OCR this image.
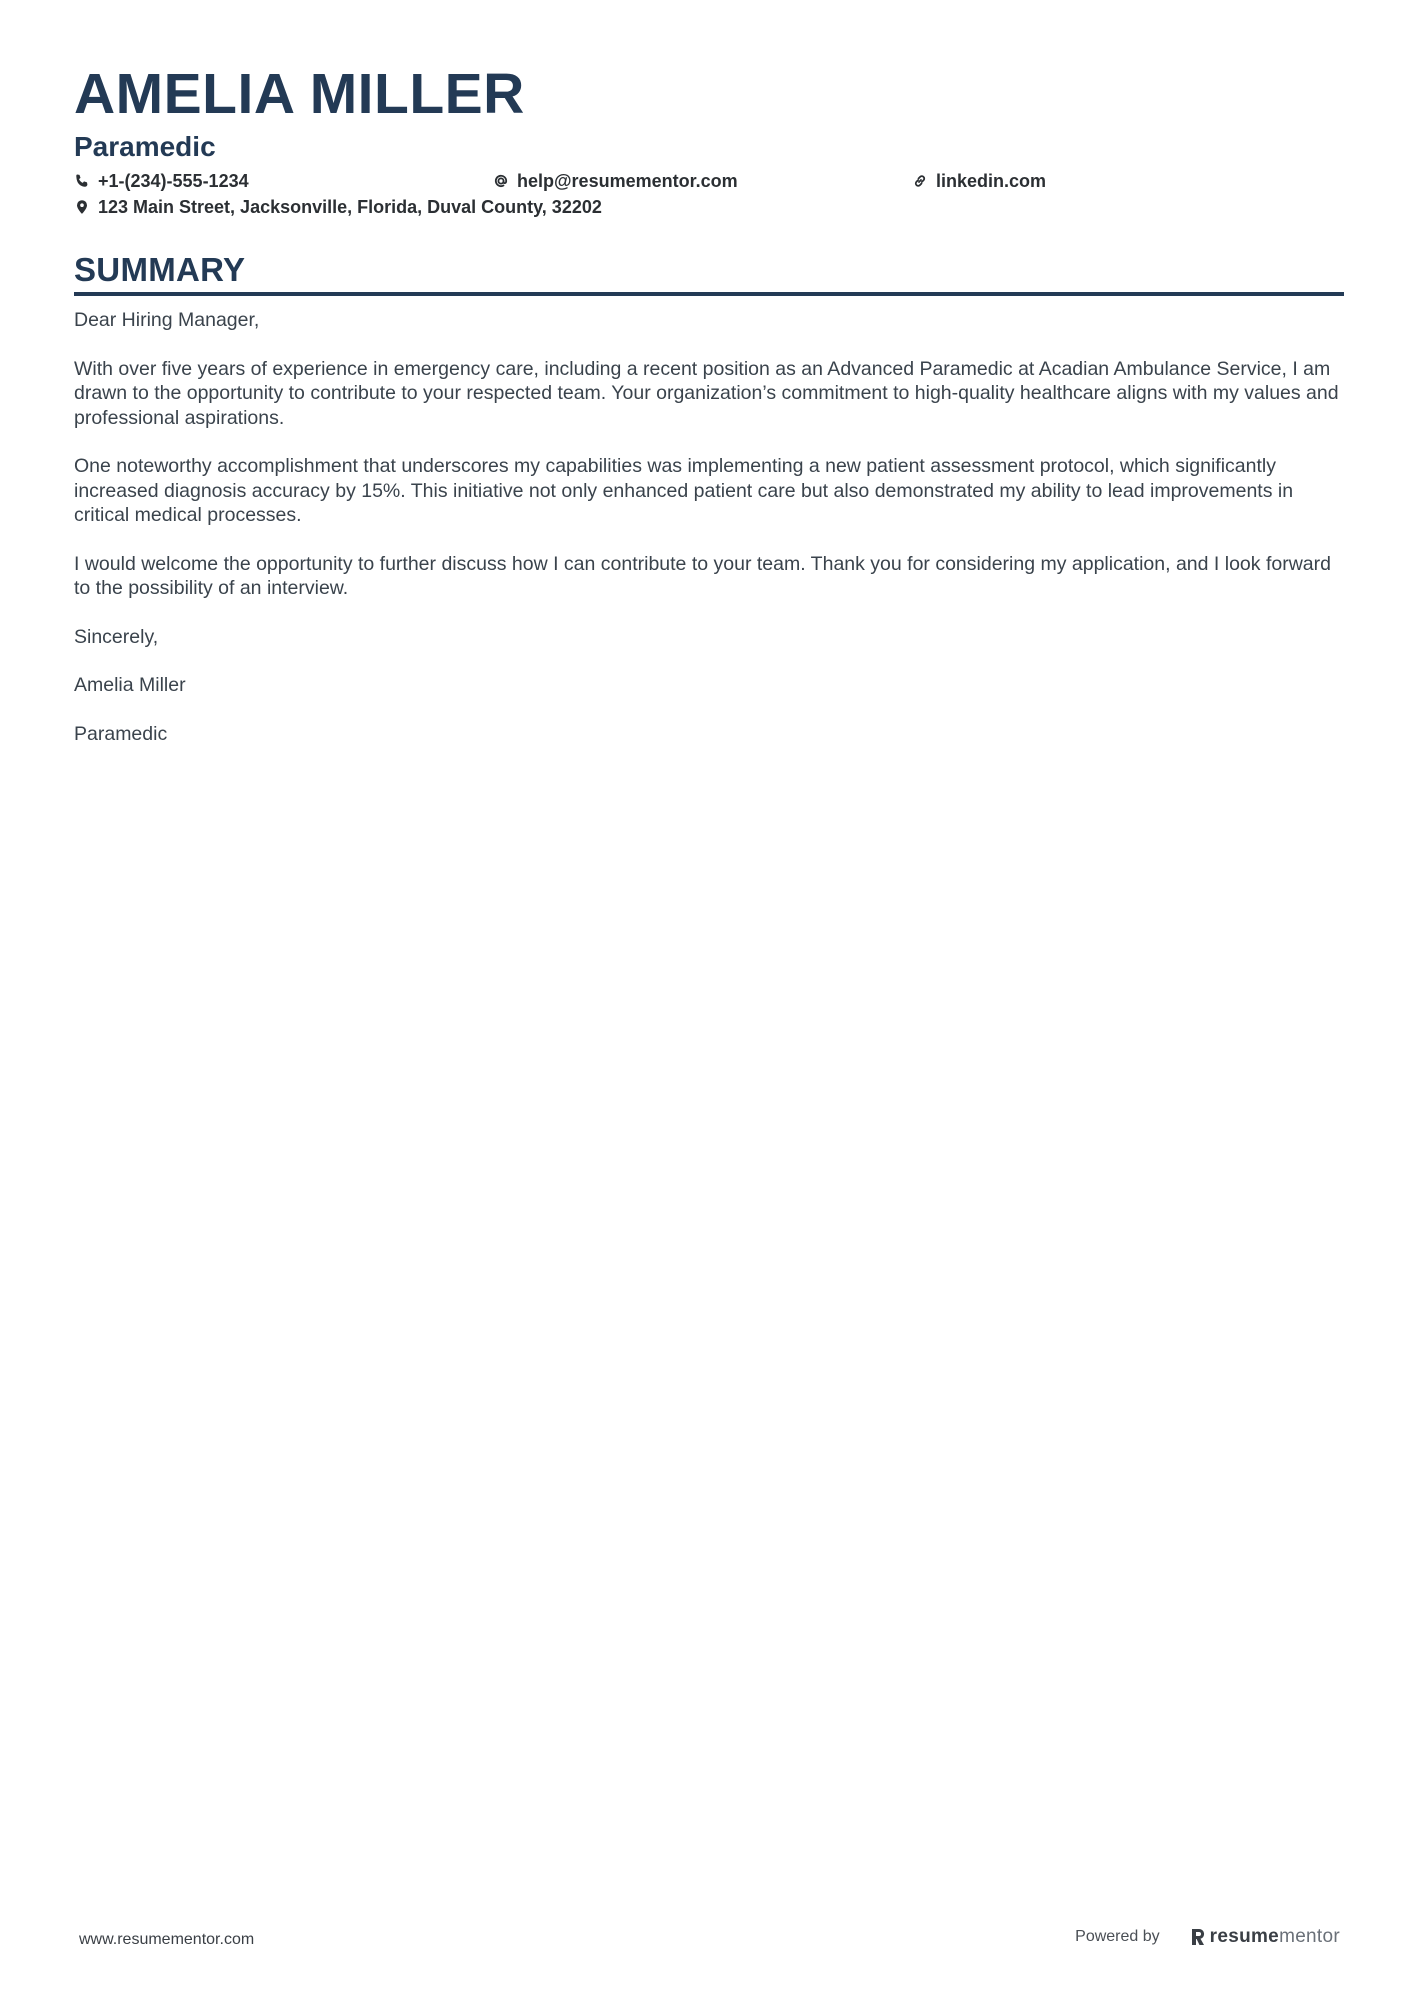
AMELIA MILLER
Paramedic
+1-(234)-555-1234	help@resumementor.com	linkedin.com
123 Main Street, Jacksonville, Florida, Duval County, 32202
SUMMARY

Dear Hiring Manager,

With over five years of experience in emergency care, including a recent position as an Advanced Paramedic at Acadian Ambulance Service, I am drawn to the opportunity to contribute to your respected team. Your organization’s commitment to high-quality healthcare aligns with my values and professional aspirations.

One noteworthy accomplishment that underscores my capabilities was implementing a new patient assessment protocol, which significantly increased diagnosis accuracy by 15%. This initiative not only enhanced patient care but also demonstrated my ability to lead improvements in critical medical processes.

I would welcome the opportunity to further discuss how I can contribute to your team. Thank you for considering my application, and I look forward to the possibility of an interview.

Sincerely,

Amelia Miller

Paramedic

www.resumementor.com	Powered by	resume mentor
